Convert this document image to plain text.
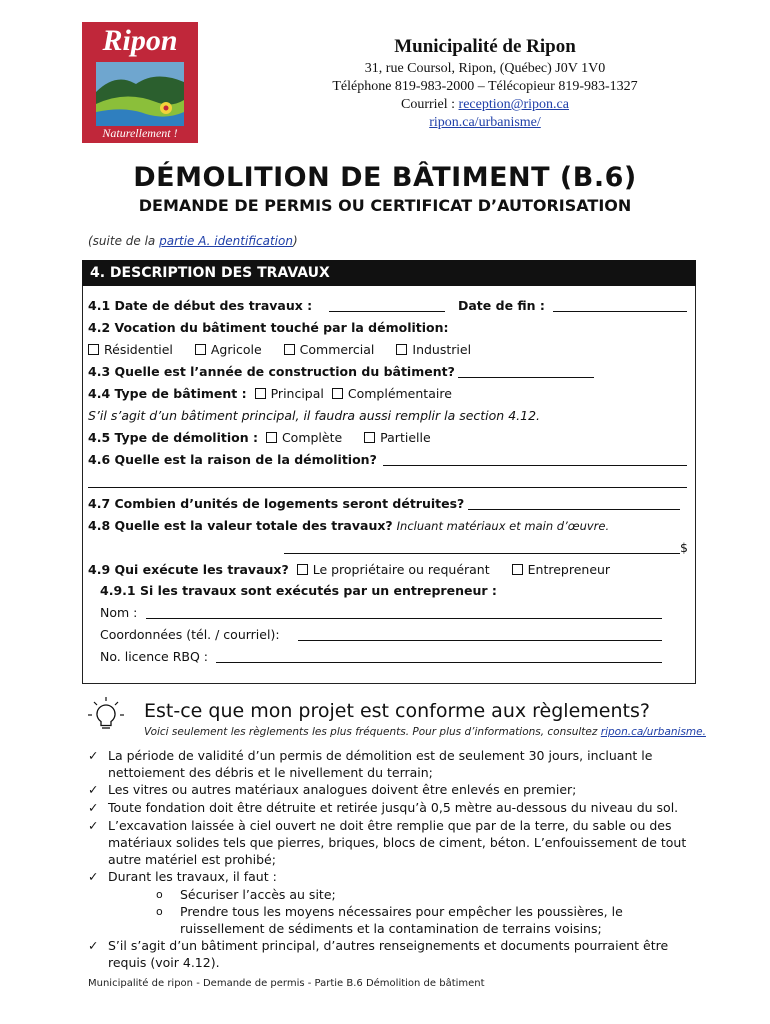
Ripon
Naturellement !
Municipalité de Ripon
31, rue Coursol, Ripon, (Québec) J0V 1V0
Téléphone 819-983-2000 – Télécopieur 819-983-1327
Courriel : reception@ripon.ca
ripon.ca/urbanisme/
DÉMOLITION DE BÂTIMENT (B.6)
DEMANDE DE PERMIS OU CERTIFICAT D’AUTORISATION
(suite de la partie A. identification)
4. DESCRIPTION DES TRAVAUX
4.1 Date de début des travaux :	Date de fin :
4.2 Vocation du bâtiment touché par la démolition:
Résidentiel	Agricole	Commercial	Industriel
4.3 Quelle est l’année de construction du bâtiment?
4.4 Type de bâtiment : Principal Complémentaire
S’il s’agit d’un bâtiment principal, il faudra aussi remplir la section 4.12.
4.5 Type de démolition : Complète	Partielle
4.6 Quelle est la raison de la démolition?
4.7 Combien d’unités de logements seront détruites?
4.8 Quelle est la valeur totale des travaux? Incluant matériaux et main d’œuvre.
$
4.9 Qui exécute les travaux? Le propriétaire ou requérant	Entrepreneur
4.9.1 Si les travaux sont exécutés par un entrepreneur :
Nom :
Coordonnées (tél. / courriel):
No. licence RBQ :
Est-ce que mon projet est conforme aux règlements?
Voici seulement les règlements les plus fréquents. Pour plus d’informations, consultez ripon.ca/urbanisme.
✓ La période de validité d’un permis de démolition est de seulement 30 jours, incluant le nettoiement des débris et le nivellement du terrain;
✓ Les vitres ou autres matériaux analogues doivent être enlevés en premier;
✓ Toute fondation doit être détruite et retirée jusqu’à 0,5 mètre au-dessous du niveau du sol.
✓ L’excavation laissée à ciel ouvert ne doit être remplie que par de la terre, du sable ou des matériaux solides tels que pierres, briques, blocs de ciment, béton. L’enfouissement de tout autre matériel est prohibé;
✓ Durant les travaux, il faut :
o	Sécuriser l’accès au site;
o	Prendre tous les moyens nécessaires pour empêcher les poussières, le ruissellement de sédiments et la contamination de terrains voisins;
✓ S’il s’agit d’un bâtiment principal, d’autres renseignements et documents pourraient être requis (voir 4.12).
Municipalité de ripon - Demande de permis - Partie B.6 Démolition de bâtiment
